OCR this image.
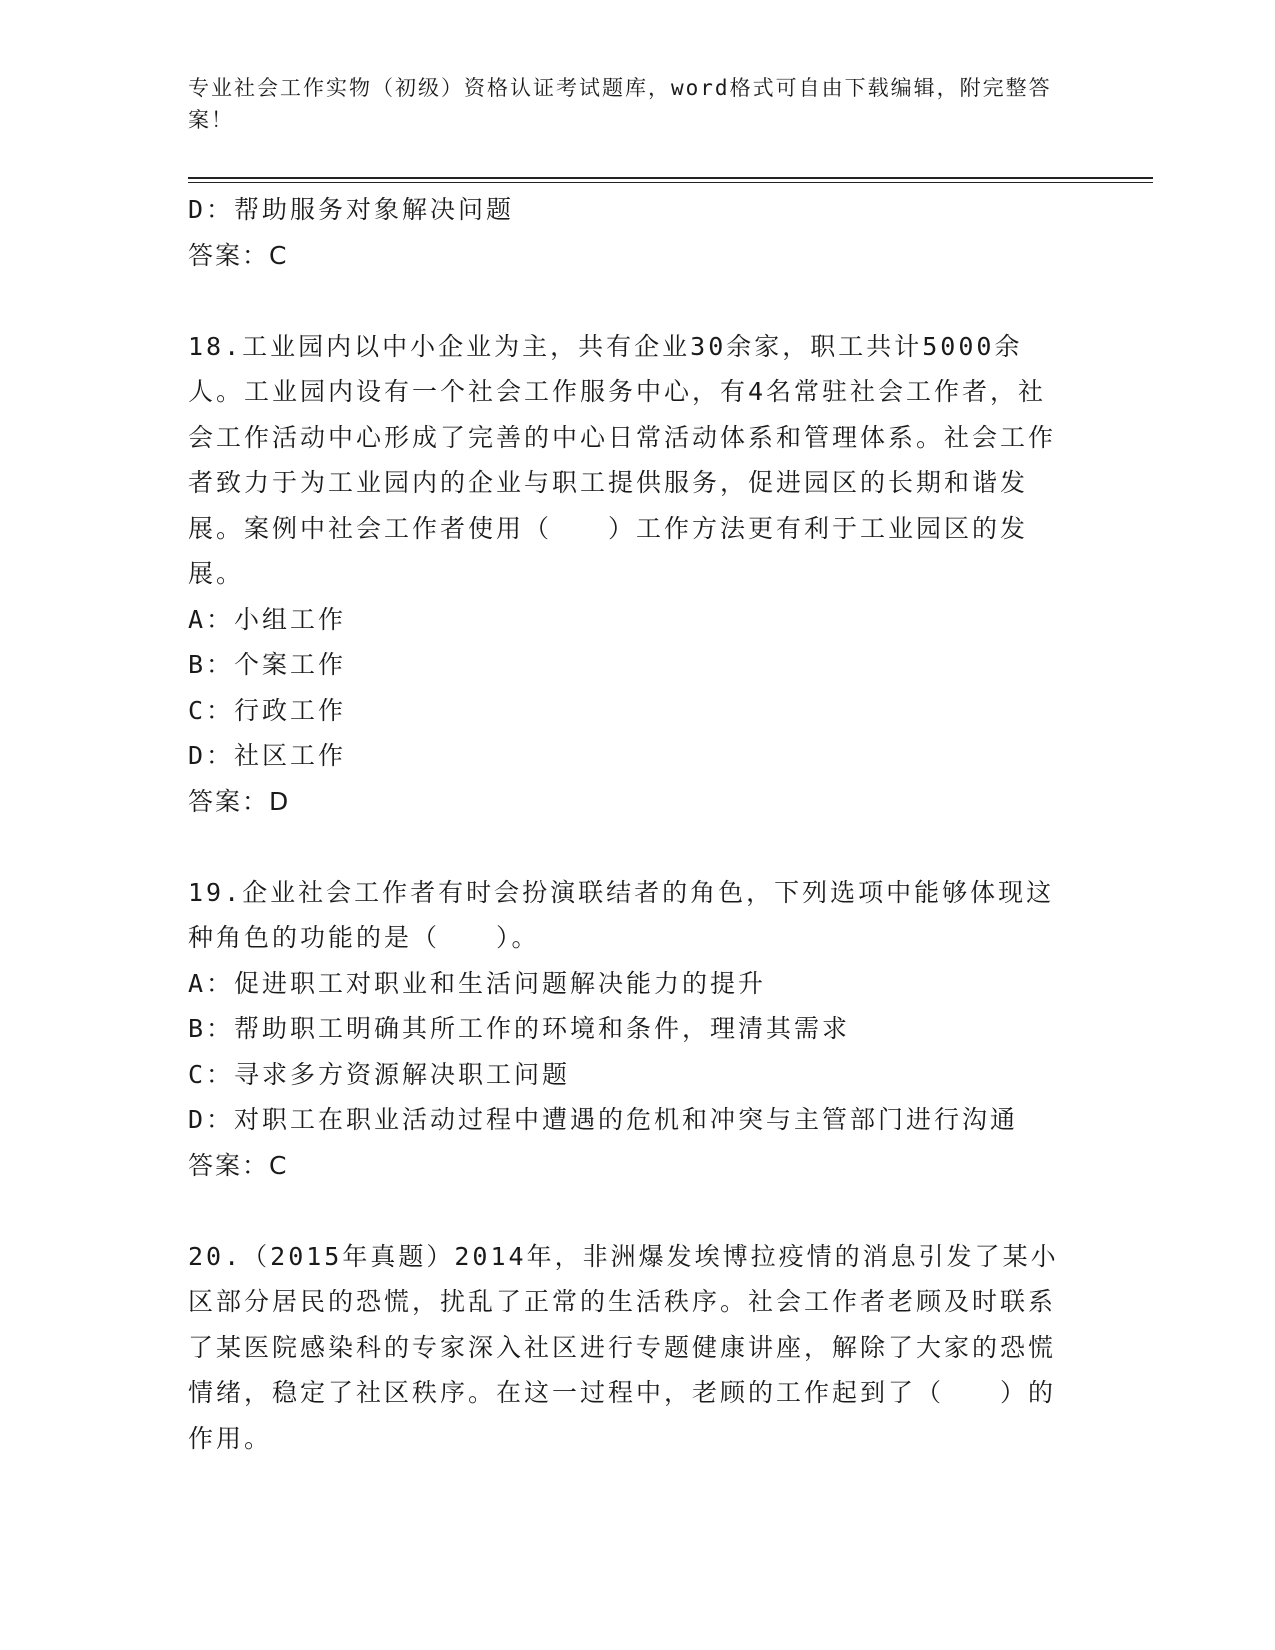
专业社会工作实物（初级）资格认证考试题库，word格式可自由下载编辑，附完整答案！
D：帮助服务对象解决问题
答案：C
18.工业园内以中小企业为主，共有企业30余家，职工共计5000余人。工业园内设有一个社会工作服务中心，有4名常驻社会工作者，社会工作活动中心形成了完善的中心日常活动体系和管理体系。社会工作者致力于为工业园内的企业与职工提供服务，促进园区的长期和谐发展。案例中社会工作者使用（　　）工作方法更有利于工业园区的发展。
A：小组工作
B：个案工作
C：行政工作
D：社区工作
答案：D
19.企业社会工作者有时会扮演联结者的角色，下列选项中能够体现这种角色的功能的是（　　）。
A：促进职工对职业和生活问题解决能力的提升
B：帮助职工明确其所工作的环境和条件，理清其需求
C：寻求多方资源解决职工问题
D：对职工在职业活动过程中遭遇的危机和冲突与主管部门进行沟通
答案：C
20.（2015年真题）2014年，非洲爆发埃博拉疫情的消息引发了某小区部分居民的恐慌，扰乱了正常的生活秩序。社会工作者老顾及时联系了某医院感染科的专家深入社区进行专题健康讲座，解除了大家的恐慌情绪，稳定了社区秩序。在这一过程中，老顾的工作起到了（　　）的作用。
